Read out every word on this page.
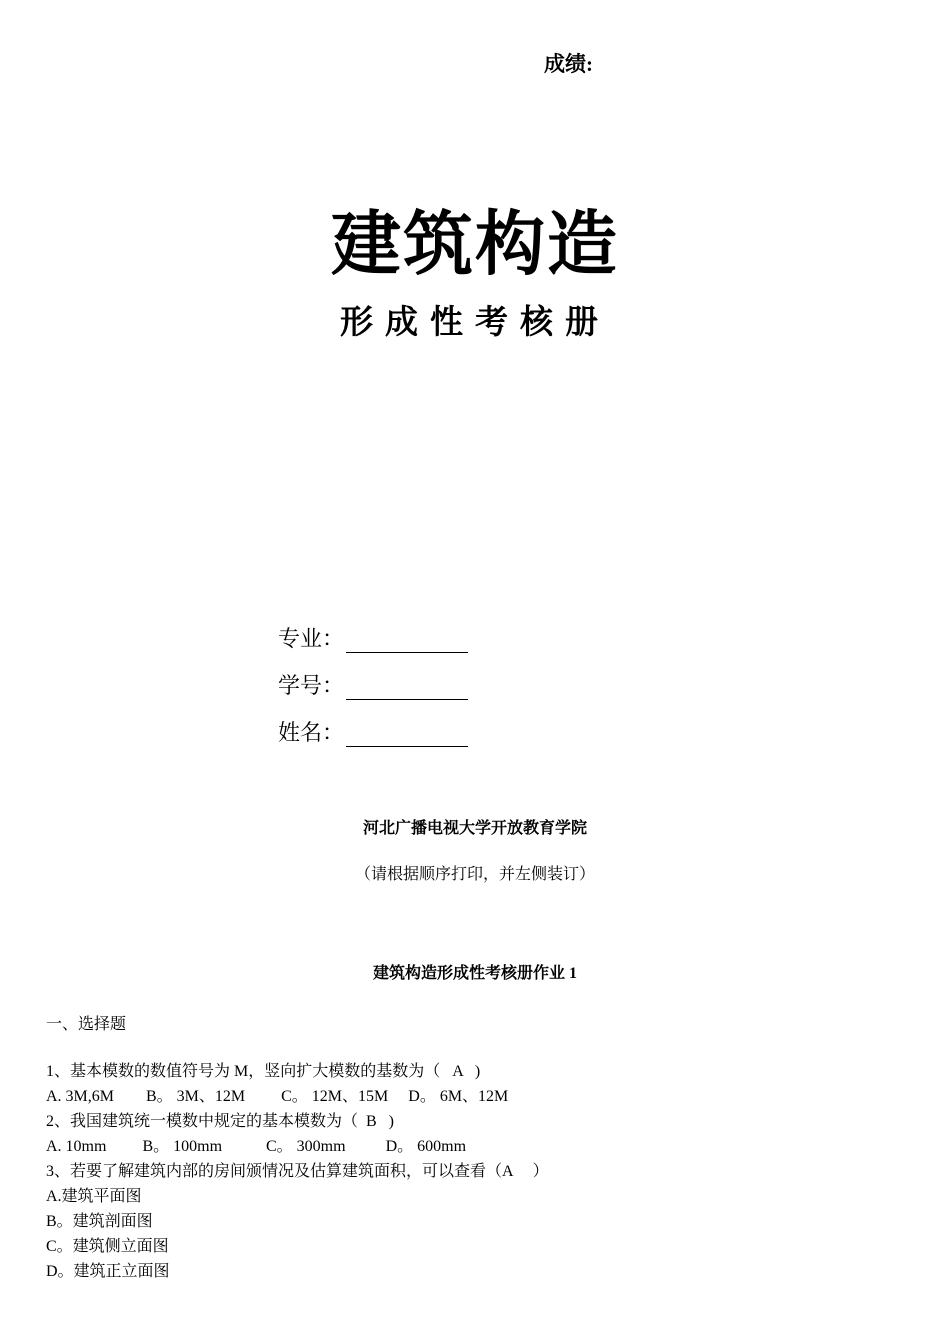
成绩:
建筑构造
形成性考核册
专业：
学号：
姓名：
河北广播电视大学开放教育学院
（请根据顺序打印，并左侧装订）
建筑构造形成性考核册作业 1
一、选择题
1、基本模数的数值符号为 M，竖向扩大模数的基数为（   A   )
A. 3M,6M        B。 3M、12M         C。 12M、15M     D。 6M、12M
2、我国建筑统一模数中规定的基本模数为（  B   )
A. 10mm         B。 100mm           C。 300mm          D。 600mm
3、若要了解建筑内部的房间颁情况及估算建筑面积，可以查看（A     ）
A.建筑平面图
B。建筑剖面图
C。建筑侧立面图
D。建筑正立面图
